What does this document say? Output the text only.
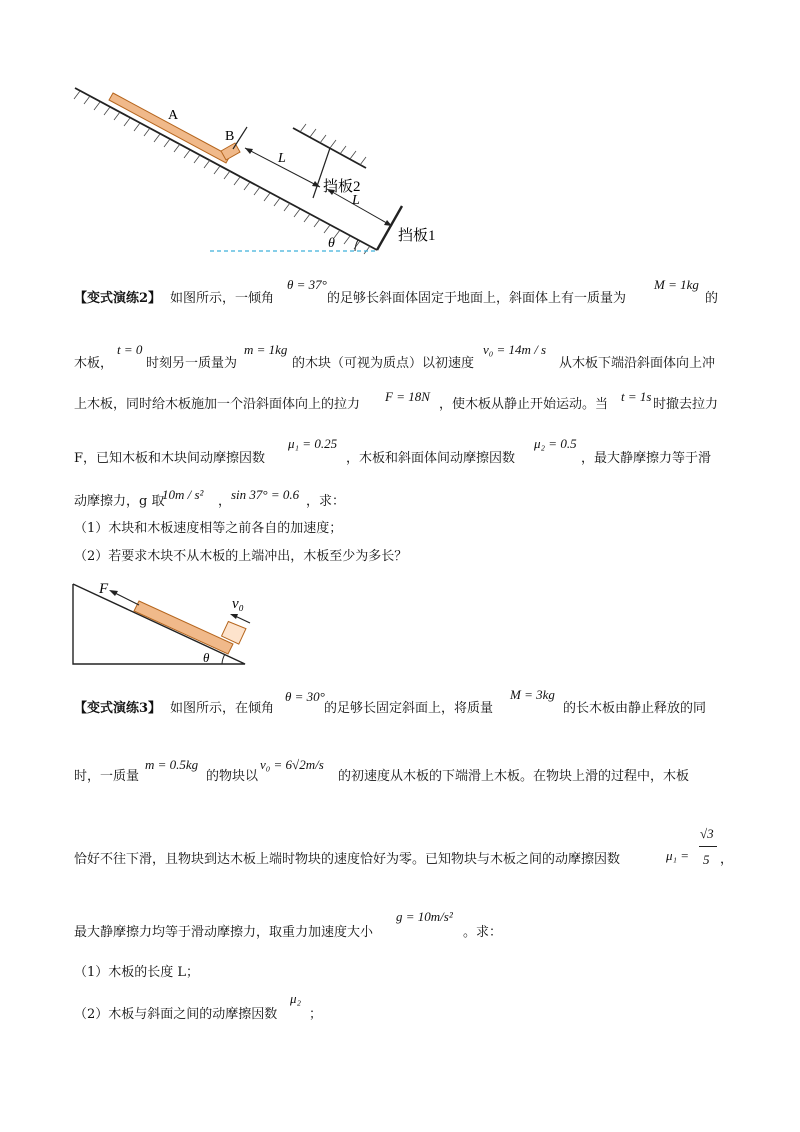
A
B
L
挡板2
L
挡板1
θ
【变式演练2】 如图所示，一倾角
θ = 37°
的足够长斜面体固定于地面上，斜面体上有一质量为
M = 1kg
的
木板，
t = 0
时刻另一质量为
m = 1kg
的木块（可视为质点）以初速度
v₀ = 14m / s
从木板下端沿斜面体向上冲
上木板，同时给木板施加一个沿斜面体向上的拉力
F = 18N
，使木板从静止开始运动。当
t = 1s
时撤去拉力
F，已知木板和木块间动摩擦因数
μ₁ = 0.25
，木板和斜面体间动摩擦因数
μ₂ = 0.5
，最大静摩擦力等于滑
动摩擦力，g 取
10m / s² ， sin 37° = 0.6 ，求：
（1）木块和木板速度相等之前各自的加速度；
（2）若要求木块不从木板的上端冲出，木板至少为多长？
F
v₀
θ
【变式演练3】 如图所示，在倾角
θ = 30°
的足够长固定斜面上，将质量
M = 3kg
的长木板由静止释放的同
时，一质量
m = 0.5kg
的物块以
v₀ = 6√2m/s
的初速度从木板的下端滑上木板。在物块上滑的过程中，木板
恰好不往下滑，且物块到达木板上端时物块的速度恰好为零。已知物块与木板之间的动摩擦因数	μ₁ =
√3
5 ，
最大静摩擦力均等于滑动摩擦力，取重力加速度大小
g = 10m/s²
。求：
（1）木板的长度 L；
（2）木板与斜面之间的动摩擦因数
μ₂
；
